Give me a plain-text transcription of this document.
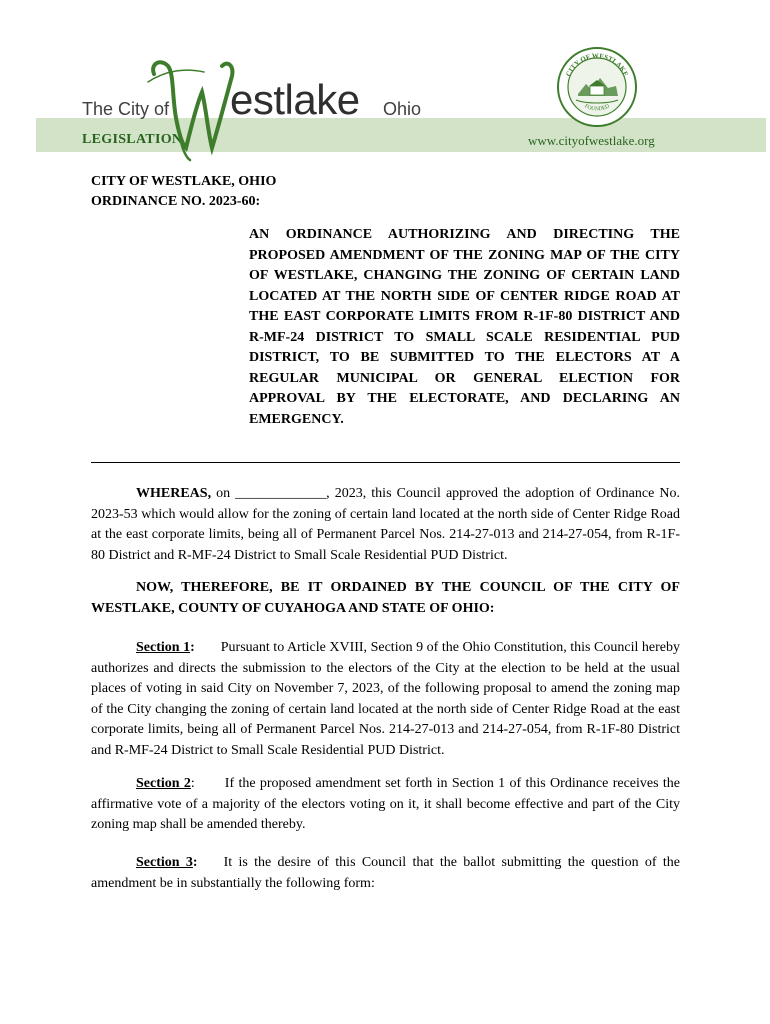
LEGISLATION	www.cityofwestlake.org
The City of estlake Ohio
CITY OF WESTLAKE
FOUNDED
CITY OF WESTLAKE, OHIO
ORDINANCE NO. 2023-60:
AN ORDINANCE AUTHORIZING AND DIRECTING THE PROPOSED AMENDMENT OF THE ZONING MAP OF THE CITY OF WESTLAKE, CHANGING THE ZONING OF CERTAIN LAND LOCATED AT THE NORTH SIDE OF CENTER RIDGE ROAD AT THE EAST CORPORATE LIMITS FROM R-1F-80 DISTRICT AND R-MF-24 DISTRICT TO SMALL SCALE RESIDENTIAL PUD DISTRICT, TO BE SUBMITTED TO THE ELECTORS AT A REGULAR MUNICIPAL OR GENERAL ELECTION FOR APPROVAL BY THE ELECTORATE, AND DECLARING AN EMERGENCY.
WHEREAS, on _____________, 2023, this Council approved the adoption of Ordinance No. 2023-53 which would allow for the zoning of certain land located at the north side of Center Ridge Road at the east corporate limits, being all of Permanent Parcel Nos. 214-27-013 and 214-27-054, from R-1F-80 District and R-MF-24 District to Small Scale Residential PUD District.
NOW, THEREFORE, BE IT ORDAINED BY THE COUNCIL OF THE CITY OF WESTLAKE, COUNTY OF CUYAHOGA AND STATE OF OHIO:
Section 1: Pursuant to Article XVIII, Section 9 of the Ohio Constitution, this Council hereby authorizes and directs the submission to the electors of the City at the election to be held at the usual places of voting in said City on November 7, 2023, of the following proposal to amend the zoning map of the City changing the zoning of certain land located at the north side of Center Ridge Road at the east corporate limits, being all of Permanent Parcel Nos. 214-27-013 and 214-27-054, from R-1F-80 District and R-MF-24 District to Small Scale Residential PUD District.
Section 2: If the proposed amendment set forth in Section 1 of this Ordinance receives the affirmative vote of a majority of the electors voting on it, it shall become effective and part of the City zoning map shall be amended thereby.
Section 3: It is the desire of this Council that the ballot submitting the question of the amendment be in substantially the following form:
